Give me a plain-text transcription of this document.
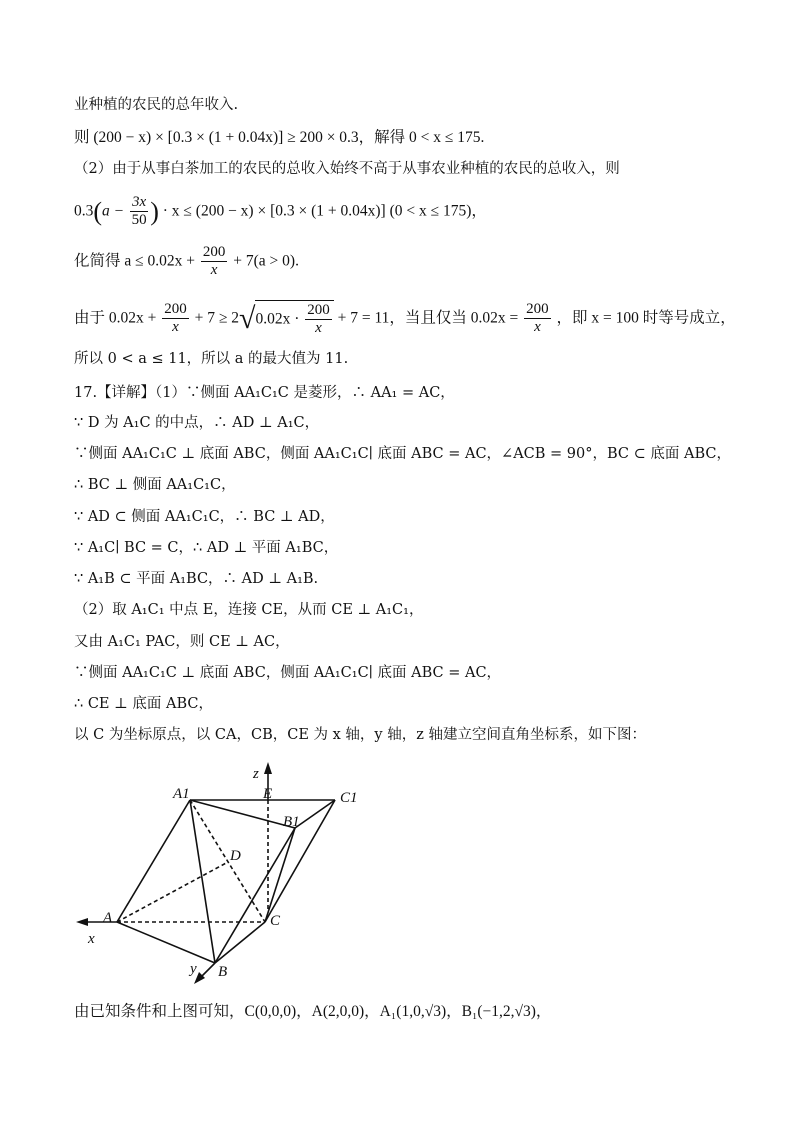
业种植的农民的总年收入.
则 (200 − x) × [0.3 × (1 + 0.04x)] ≥ 200 × 0.3，解得 0 < x ≤ 175.
（2）由于从事白茶加工的农民的总收入始终不高于从事农业种植的农民的总收入，则
$0.3(a - \frac{3x}{50}$ ) · x ≤ (200 − x) × [0.3 × (1 + 0.04x)] (0 < x ≤ 175)，
化简得 $a \le 0.02x + \frac{200}{x} + 7(a > 0)$.
由于 $0.02x + \frac{200}{x} + 7 \ge 2√0.02x \cdot \frac{200}{x} + 7 = 11$，当且仅当 $0.02x = \frac{200}{x}$ ，即 x = 100 时等号成立，
所以 0 < a ≤ 11，所以 a 的最大值为 11.
17.【详解】（1）∵侧面 AA₁C₁C 是菱形，∴ AA₁ = AC，
∵ D 为 A₁C 的中点，∴ AD ⊥ A₁C，
∵侧面 AA₁C₁C ⊥ 底面 ABC，侧面 AA₁C₁C∣ 底面 ABC = AC，∠ACB = 90°，BC ⊂ 底面 ABC，
∴ BC ⊥ 侧面 AA₁C₁C，
∵ AD ⊂ 侧面 AA₁C₁C，∴ BC ⊥ AD，
∵ A₁C∣ BC = C，∴ AD ⊥ 平面 A₁BC，
∵ A₁B ⊂ 平面 A₁BC，∴ AD ⊥ A₁B.
（2）取 A₁C₁ 中点 E，连接 CE，从而 CE ⊥ A₁C₁，
又由 A₁C₁ PAC，则 CE ⊥ AC，
∵侧面 AA₁C₁C ⊥ 底面 ABC，侧面 AA₁C₁C∣ 底面 ABC = AC，
∴ CE ⊥ 底面 ABC，
以 C 为坐标原点，以 CA，CB，CE 为 x 轴，y 轴，z 轴建立空间直角坐标系，如下图：
z
A1	E	C1
B1
D
A	C
x
y B
由已知条件和上图可知，C(0,0,0)，A(2,0,0)，A₁(1,0,√3)，B₁(−1,2,√3)，
